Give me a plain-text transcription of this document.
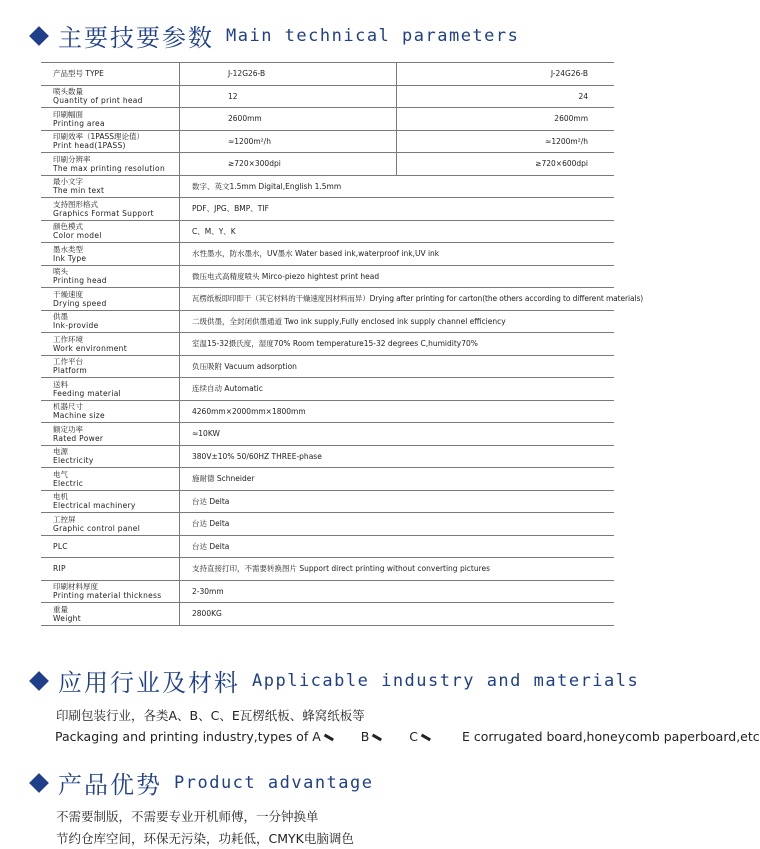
主要技要参数 Main technical parameters
产品型号 TYPE	J-12G26-B	J-24G26-B

喷头数量
Quantity of print head	12	24

印刷幅面
Printing area	2600mm	2600mm

印刷效率（1PASS理论值）
Print head(1PASS)	≈1200m²/h	≈1200m²/h

印刷分辨率
The max printing resolution	≥720×300dpi	≥720×600dpi

最小文字
The min text	数字、英文1.5mm Digital,English 1.5mm	

支持图形格式
Graphics Format Support	PDF、JPG、BMP、TIF	

颜色模式
Color model	C、M、Y、K	

墨水类型
Ink Type	水性墨水，防水墨水，UV墨水 Water based ink,waterproof ink,UV ink	

喷头
Printing head	微压电式高精度喷头 Mirco-piezo hightest print head	

干燥速度
Drying speed	瓦楞纸板即印即干（其它材料的干燥速度因材料而异）Drying after printing for carton(the others according to different materials)	

供墨
Ink-provide	二级供墨，全封闭供墨通道 Two ink supply,Fully enclosed ink supply channel efficiency	

工作环境
Work environment	室温15-32摄氏度，湿度70% Room temperature15-32 degrees C,humidity70%	

工作平台
Platform	负压吸附 Vacuum adsorption	

送料
Feeding material	连续自动 Automatic	

机器尺寸
Machine size	4260mm×2000mm×1800mm	

额定功率
Rated Power	≈10KW	

电源
Electricity	380V±10% 50/60HZ THREE-phase	

电气
Electric	施耐德 Schneider	

电机
Electrical machinery	台达 Delta	

工控屏
Graphic control panel	台达 Delta	

PLC	台达 Delta	

RIP	支持直接打印，不需要转换图片 Support direct printing without converting pictures	

印刷材料厚度
Printing material thickness	2-30mm	

重量
Weight	2800KG	
应用行业及材料 Applicable industry and materials
印刷包装行业，各类A、B、C、E瓦楞纸板、蜂窝纸板等
Packaging and printing industry,types of A	B	C	E corrugated board,honeycomb paperboard,etc
产品优势 Product advantage
不需要制版，不需要专业开机师傅，一分钟换单
节约仓库空间，环保无污染，功耗低，CMYK电脑调色
